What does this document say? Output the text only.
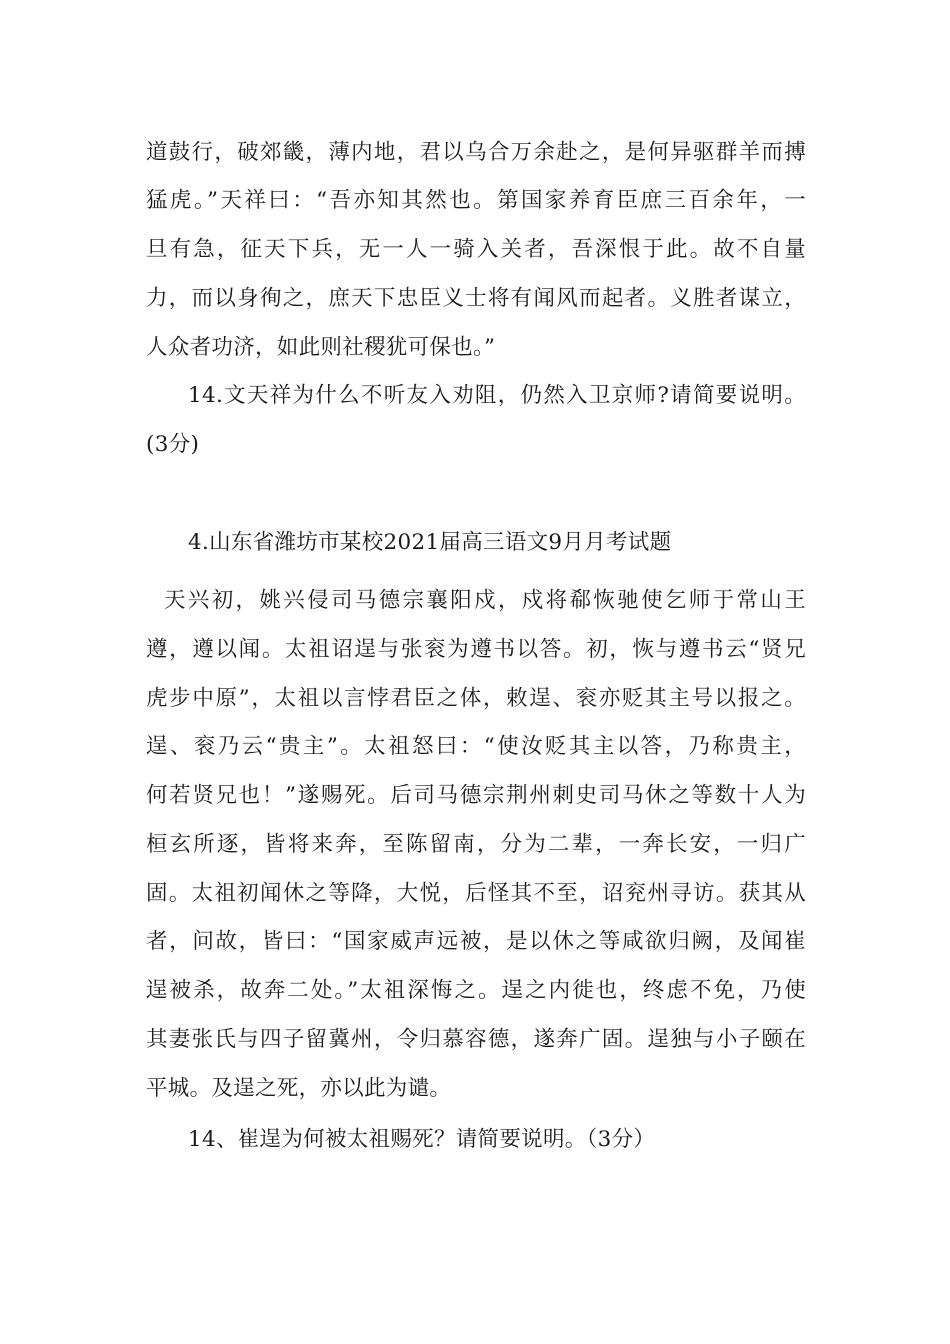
道鼓行，破郊畿，薄内地，君以乌合万余赴之，是何异驱群羊而搏
猛虎。”天祥曰：“吾亦知其然也。第国家养育臣庶三百余年，一
旦有急，征天下兵，无一人一骑入关者，吾深恨于此。故不自量
力，而以身徇之，庶天下忠臣义士将有闻风而起者。义胜者谋立，
人众者功济，如此则社稷犹可保也。”
14.文天祥为什么不听友入劝阻，仍然入卫京师?请简要说明。
(3分)
4.山东省潍坊市某校2021届高三语文9月月考试题
天兴初，姚兴侵司马德宗襄阳戍，戍将郗恢驰使乞师于常山王
遵，遵以闻。太祖诏逞与张衮为遵书以答。初，恢与遵书云“贤兄
虎步中原”，太祖以言悖君臣之体，敕逞、衮亦贬其主号以报之。
逞、衮乃云“贵主”。太祖怒曰：“使汝贬其主以答，乃称贵主，
何若贤兄也！”遂赐死。后司马德宗荆州刺史司马休之等数十人为
桓玄所逐，皆将来奔，至陈留南，分为二辈，一奔长安，一归广
固。太祖初闻休之等降，大悦，后怪其不至，诏兖州寻访。获其从
者，问故，皆曰：“国家威声远被，是以休之等咸欲归阙，及闻崔
逞被杀，故奔二处。”太祖深悔之。逞之内徙也，终虑不免，乃使
其妻张氏与四子留冀州，令归慕容德，遂奔广固。逞独与小子颐在
平城。及逞之死，亦以此为谴。
14、崔逞为何被太祖赐死？请简要说明。（3分）
